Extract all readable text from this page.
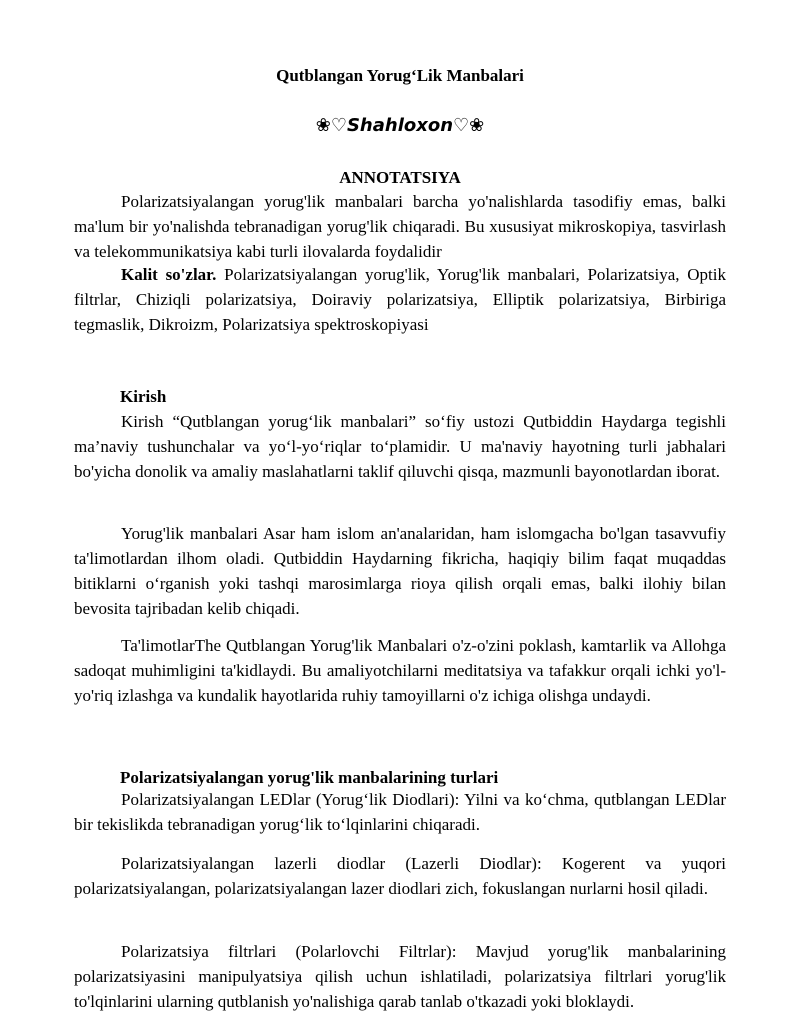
Qutblangan Yorug‘Lik Manbalari
❀♡Shahloxon♡❀
ANNOTATSIYA

Polarizatsiyalangan yorug'lik manbalari barcha yo'nalishlarda tasodifiy emas, balki ma'lum bir yo'nalishda tebranadigan yorug'lik chiqaradi. Bu xususiyat mikroskopiya, tasvirlash va telekommunikatsiya kabi turli ilovalarda foydalidir

Kalit so'zlar. Polarizatsiyalangan yorug'lik, Yorug'lik manbalari, Polarizatsiya, Optik filtrlar, Chiziqli polarizatsiya, Doiraviy polarizatsiya, Elliptik polarizatsiya, Birbiriga tegmaslik, Dikroizm, Polarizatsiya spektroskopiyasi

Kirish

Kirish “Qutblangan yorug‘lik manbalari” so‘fiy ustozi Qutbiddin Haydarga tegishli ma’naviy tushunchalar va yo‘l-yo‘riqlar to‘plamidir. U ma'naviy hayotning turli jabhalari bo'yicha donolik va amaliy maslahatlarni taklif qiluvchi qisqa, mazmunli bayonotlardan iborat.

Yorug'lik manbalari Asar ham islom an'analaridan, ham islomgacha bo'lgan tasavvufiy ta'limotlardan ilhom oladi. Qutbiddin Haydarning fikricha, haqiqiy bilim faqat muqaddas bitiklarni o‘rganish yoki tashqi marosimlarga rioya qilish orqali emas, balki ilohiy bilan bevosita tajribadan kelib chiqadi.

Ta'limotlarThe Qutblangan Yorug'lik Manbalari o'z-o'zini poklash, kamtarlik va Allohga sadoqat muhimligini ta'kidlaydi. Bu amaliyotchilarni meditatsiya va tafakkur orqali ichki yo'l-yo'riq izlashga va kundalik hayotlarida ruhiy tamoyillarni o'z ichiga olishga undaydi.

Polarizatsiyalangan yorug'lik manbalarining turlari

Polarizatsiyalangan LEDlar (Yorug‘lik Diodlari): Yilni va ko‘chma, qutblangan LEDlar bir tekislikda tebranadigan yorug‘lik to‘lqinlarini chiqaradi.

Polarizatsiyalangan lazerli diodlar (Lazerli Diodlar): Kogerent va yuqori polarizatsiyalangan, polarizatsiyalangan lazer diodlari zich, fokuslangan nurlarni hosil qiladi.

Polarizatsiya filtrlari (Polarlovchi Filtrlar): Mavjud yorug'lik manbalarining polarizatsiyasini manipulyatsiya qilish uchun ishlatiladi, polarizatsiya filtrlari yorug'lik to'lqinlarini ularning qutblanish yo'nalishiga qarab tanlab o'tkazadi yoki bloklaydi.
